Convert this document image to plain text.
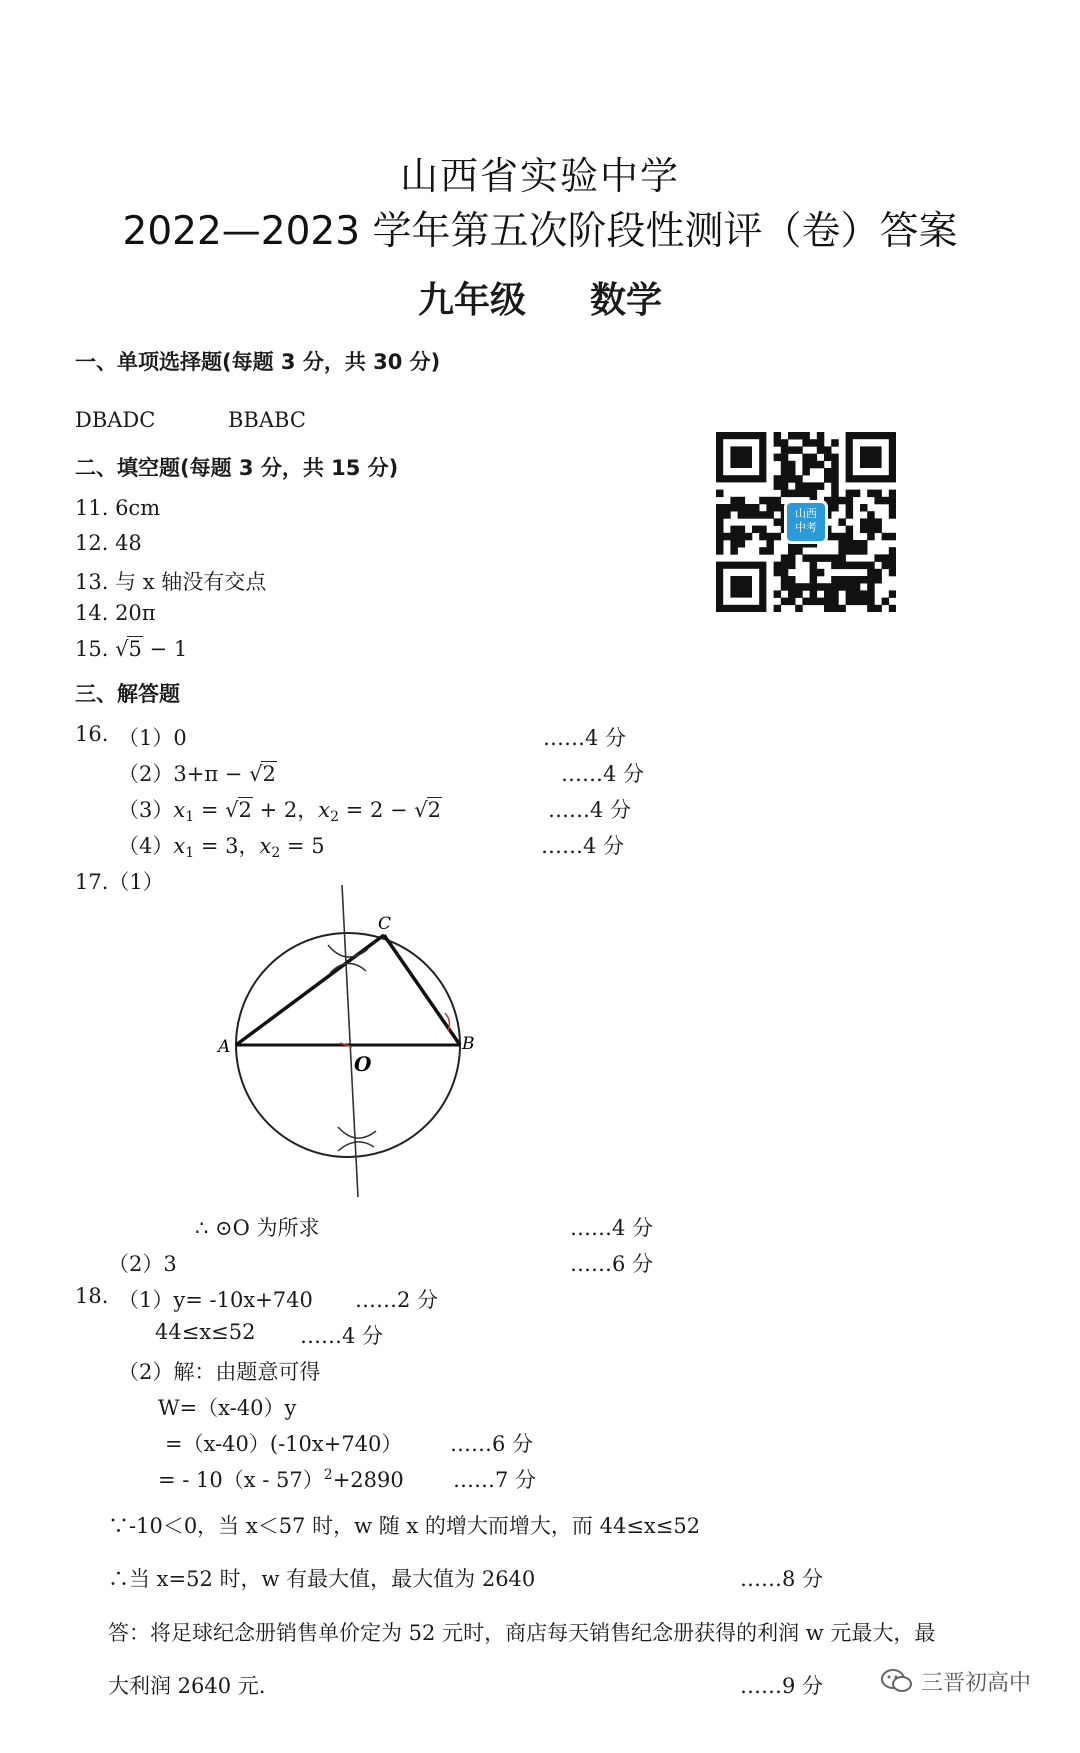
山西省实验中学
2022—2023 学年第五次阶段性测评（卷）答案
九年级 数学
一、单项选择题(每题 3 分，共 30 分)
DBADC	BBABC
山西
中考
二、填空题(每题 3 分，共 15 分)
11. 6cm
12. 48
13. 与 x 轴没有交点
14. 20π
15. √5 − 1
三、解答题
16. （1）0	……4 分
（2）3+π − √2	……4 分
$(3)x_1 = √2 + 2$，$x_2 = 2 - √2$	……4 分
$(4)x_1 = 3$，$x_2 = 5$	……4 分
17.（1）
A	B
C
O
∴ ⊙O 为所求	……4 分
（2）3	……6 分
18. （1）y= -10x+740 ……2 分
44≤x≤52 ……4 分
（2）解：由题意可得
W=（x-40）y
=（x-40）(-10x+740） ……6 分
= - 10（x - 57）$^2$+2890 ……7 分
∵-10＜0，当 x＜57 时，w 随 x 的增大而增大，而 44≤x≤52
∴当 x=52 时，w 有最大值，最大值为 2640	……8 分
答：将足球纪念册销售单价定为 52 元时，商店每天销售纪念册获得的利润 w 元最大，最
大利润 2640 元.	……9 分	三晋初高中
